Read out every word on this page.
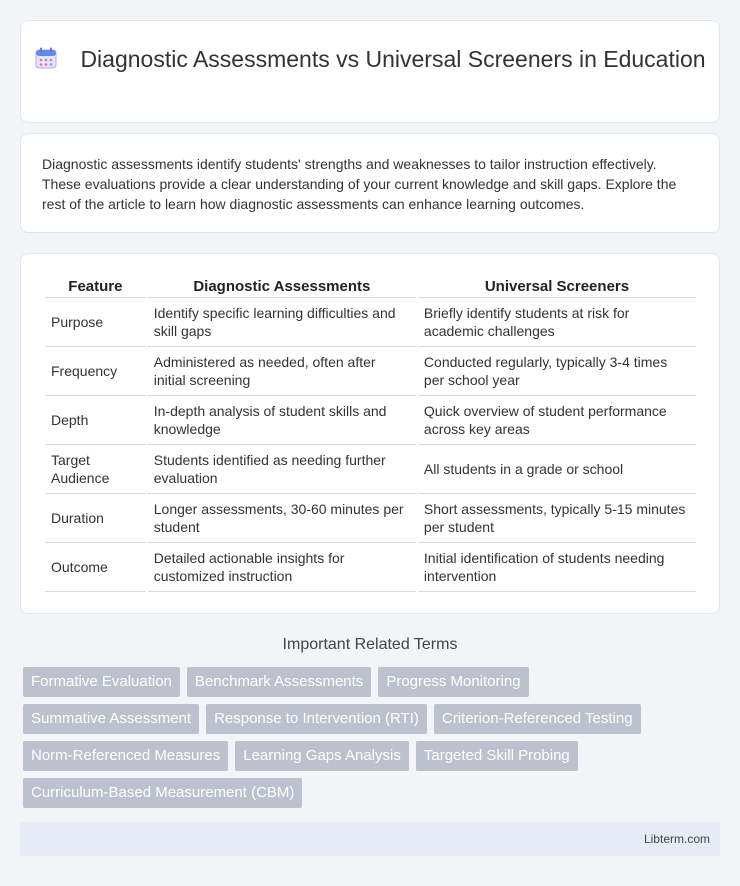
Diagnostic Assessments vs Universal Screeners in Education

Diagnostic assessments identify students' strengths and weaknesses to tailor instruction effectively. These evaluations provide a clear understanding of your current knowledge and skill gaps. Explore the rest of the article to learn how diagnostic assessments can enhance learning outcomes.

Feature	Diagnostic Assessments	Universal Screeners
Purpose	Identify specific learning difficulties and skill gaps	Briefly identify students at risk for academic challenges
Frequency	Administered as needed, often after initial screening	Conducted regularly, typically 3-4 times per school year
Depth	In-depth analysis of student skills and knowledge	Quick overview of student performance across key areas
Target Audience	Students identified as needing further evaluation	All students in a grade or school
Duration	Longer assessments, 30-60 minutes per student	Short assessments, typically 5-15 minutes per student
Outcome	Detailed actionable insights for customized instruction	Initial identification of students needing intervention
Important Related Terms
Formative Evaluation	Benchmark Assessments	Progress Monitoring
Summative Assessment	Response to Intervention (RTI)	Criterion-Referenced Testing
Norm-Referenced Measures	Learning Gaps Analysis	Targeted Skill Probing
Curriculum-Based Measurement (CBM)
Libterm.com
